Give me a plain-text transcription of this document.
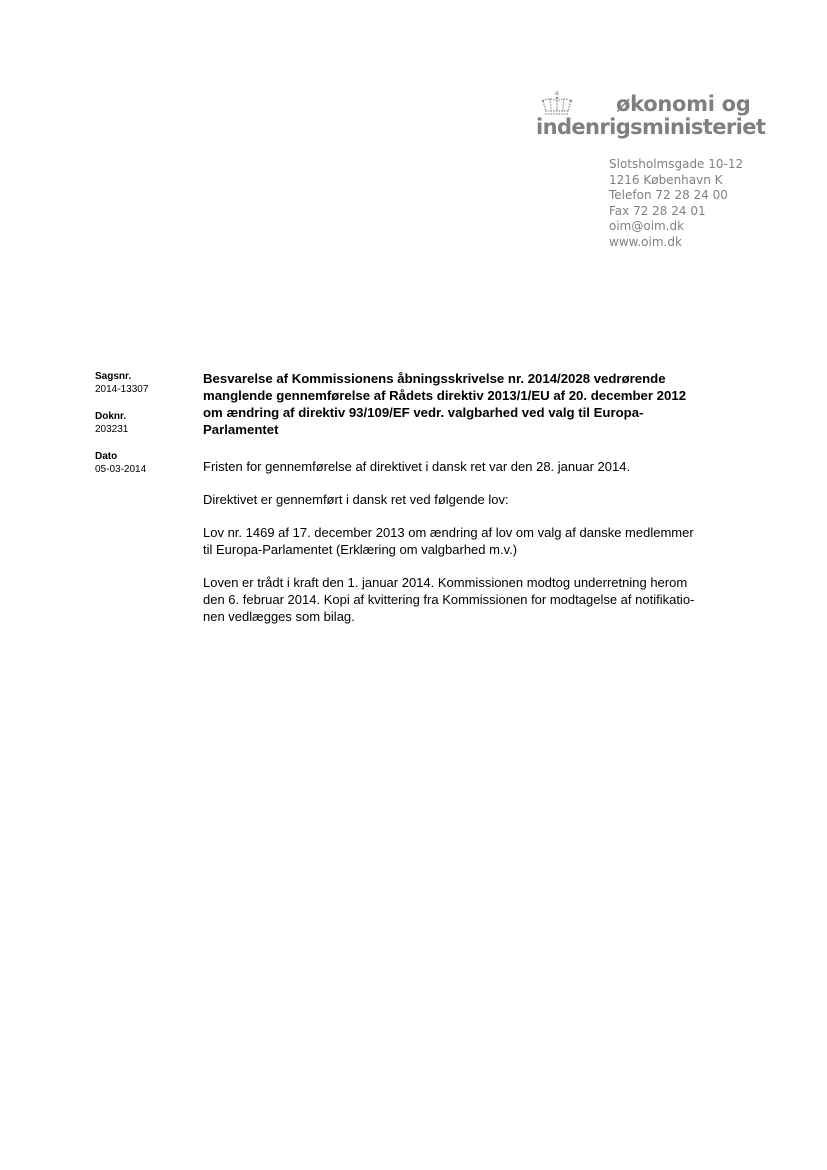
økonomi og
indenrigsministeriet
Slotsholmsgade 10-12
1216 København K
Telefon 72 28 24 00
Fax 72 28 24 01
oim@oim.dk
www.oim.dk
Sagsnr.
2014-13307
Doknr.
203231
Dato
05-03-2014
Besvarelse af Kommissionens åbningsskrivelse nr. 2014/2028 vedrørende
manglende gennemførelse af Rådets direktiv 2013/1/EU af 20. december 2012
om ændring af direktiv 93/109/EF vedr. valgbarhed ved valg til Europa-
Parlamentet
Fristen for gennemførelse af direktivet i dansk ret var den 28. januar 2014.
Direktivet er gennemført i dansk ret ved følgende lov:
Lov nr. 1469 af 17. december 2013 om ændring af lov om valg af danske medlemmer
til Europa-Parlamentet (Erklæring om valgbarhed m.v.)
Loven er trådt i kraft den 1. januar 2014. Kommissionen modtog underretning herom
den 6. februar 2014. Kopi af kvittering fra Kommissionen for modtagelse af notifikatio-
nen vedlægges som bilag.
